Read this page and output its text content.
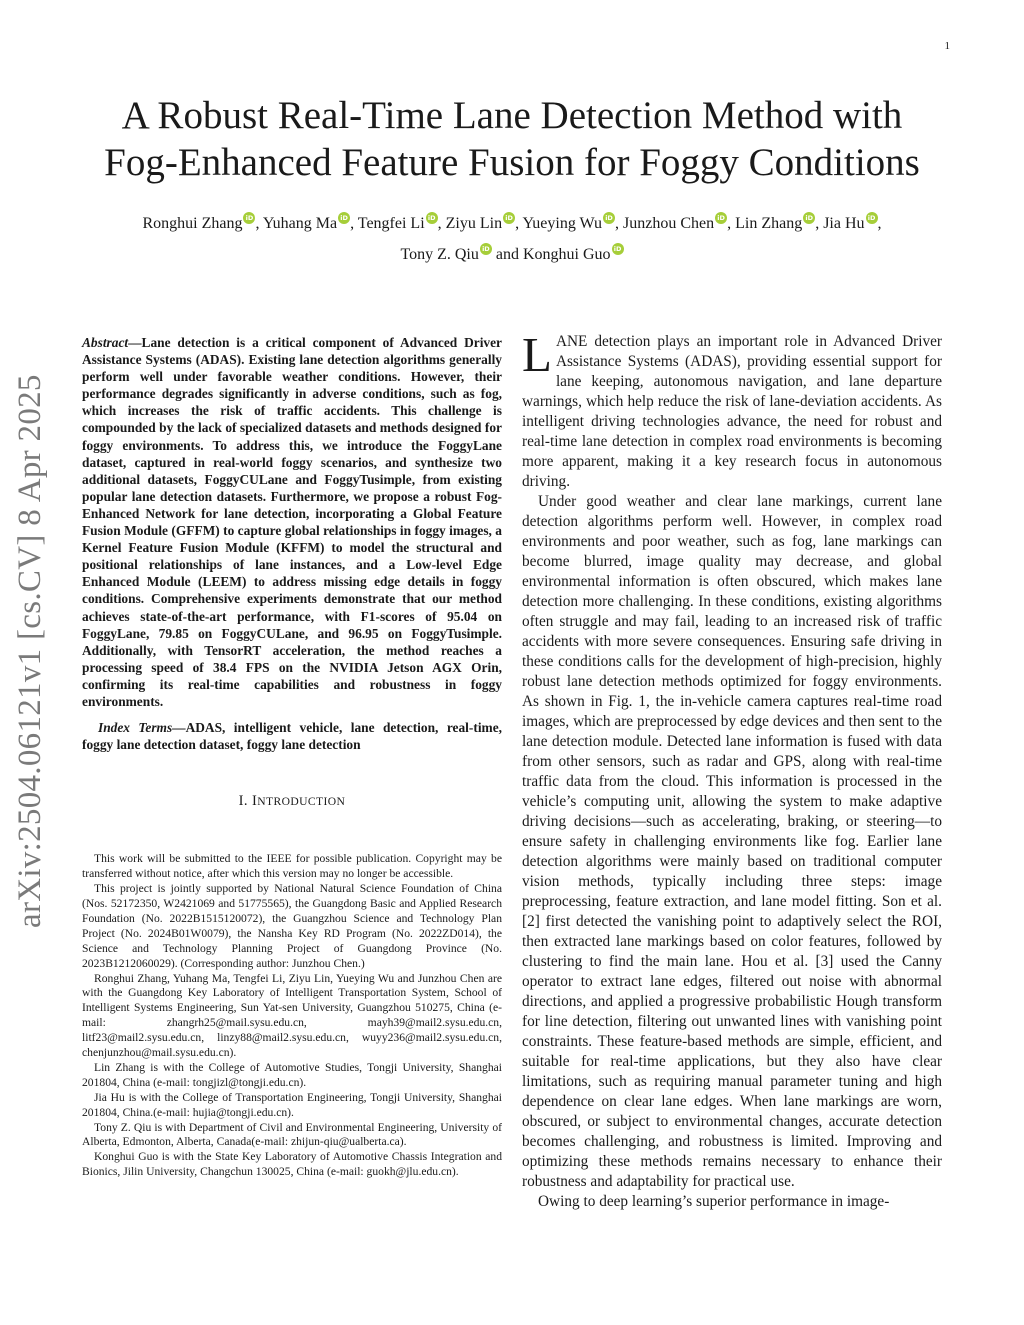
1
arXiv:2504.06121v1 [cs.CV] 8 Apr 2025
A Robust Real-Time Lane Detection Method with
Fog-Enhanced Feature Fusion for Foggy Conditions
Ronghui Zhang iD , Yuhang Ma iD , Tengfei Li iD , Ziyu Lin iD , Yueying Wu iD , Junzhou Chen iD , Lin Zhang iD , Jia Hu iD ,
Tony Z. Qiu iD and Konghui Guo iD

Abstract—Lane detection is a critical component of Advanced Driver Assistance Systems (ADAS). Existing lane detection algorithms generally perform well under favorable weather conditions. However, their performance degrades significantly in adverse conditions, such as fog, which increases the risk of traffic accidents. This challenge is compounded by the lack of specialized datasets and methods designed for foggy environments. To address this, we introduce the FoggyLane dataset, captured in real-world foggy scenarios, and synthesize two additional datasets, FoggyCULane and FoggyTusimple, from existing popular lane detection datasets. Furthermore, we propose a robust Fog-Enhanced Network for lane detection, incorporating a Global Feature Fusion Module (GFFM) to capture global relationships in foggy images, a Kernel Feature Fusion Module (KFFM) to model the structural and positional relationships of lane instances, and a Low-level Edge Enhanced Module (LEEM) to address missing edge details in foggy conditions. Comprehensive experiments demonstrate that our method achieves state-of-the-art performance, with F1-scores of 95.04 on FoggyLane, 79.85 on FoggyCULane, and 96.95 on FoggyTusimple. Additionally, with TensorRT acceleration, the method reaches a processing speed of 38.4 FPS on the NVIDIA Jetson AGX Orin, confirming its real-time capabilities and robustness in foggy environments.

Index Terms—ADAS, intelligent vehicle, lane detection, real-time, foggy lane detection dataset, foggy lane detection

I. INTRODUCTION

This work will be submitted to the IEEE for possible publication. Copyright may be transferred without notice, after which this version may no longer be accessible.

This project is jointly supported by National Natural Science Foundation of China (Nos. 52172350, W2421069 and 51775565), the Guangdong Basic and Applied Research Foundation (No. 2022B1515120072), the Guangzhou Science and Technology Plan Project (No. 2024B01W0079), the Nansha Key RD Program (No. 2022ZD014), the Science and Technology Planning Project of Guangdong Province (No. 2023B1212060029). (Corresponding author: Junzhou Chen.)

Ronghui Zhang, Yuhang Ma, Tengfei Li, Ziyu Lin, Yueying Wu and Junzhou Chen are with the Guangdong Key Laboratory of Intelligent Transportation System, School of Intelligent Systems Engineering, Sun Yat-sen University, Guangzhou 510275, China (e-mail: zhangrh25@mail.sysu.edu.cn, mayh39@mail2.sysu.edu.cn, litf23@mail2.sysu.edu.cn, linzy88@mail2.sysu.edu.cn, wuyy236@mail2.sysu.edu.cn, chenjunzhou@mail.sysu.edu.cn).

Lin Zhang is with the College of Automotive Studies, Tongji University, Shanghai 201804, China (e-mail: tongjizl@tongji.edu.cn).

Jia Hu is with the College of Transportation Engineering, Tongji University, Shanghai 201804, China.(e-mail: hujia@tongji.edu.cn).

Tony Z. Qiu is with Department of Civil and Environmental Engineering, University of Alberta, Edmonton, Alberta, Canada(e-mail: zhijun-qiu@ualberta.ca).

Konghui Guo is with the State Key Laboratory of Automotive Chassis Integration and Bionics, Jilin University, Changchun 130025, China (e-mail: guokh@jlu.edu.cn).

LANE detection plays an important role in Advanced Driver Assistance Systems (ADAS), providing essential support for lane keeping, autonomous navigation, and lane departure warnings, which help reduce the risk of lane-deviation accidents. As intelligent driving technologies advance, the need for robust and real-time lane detection in complex road environments is becoming more apparent, making it a key research focus in autonomous driving.

Under good weather and clear lane markings, current lane detection algorithms perform well. However, in complex road environments and poor weather, such as fog, lane markings can become blurred, image quality may decrease, and global environmental information is often obscured, which makes lane detection more challenging. In these conditions, existing algorithms often struggle and may fail, leading to an increased risk of traffic accidents with more severe consequences. Ensuring safe driving in these conditions calls for the development of high-precision, highly robust lane detection methods optimized for foggy environments. As shown in Fig. 1, the in-vehicle camera captures real-time road images, which are preprocessed by edge devices and then sent to the lane detection module. Detected lane information is fused with data from other sensors, such as radar and GPS, along with real-time traffic data from the cloud. This information is processed in the vehicle’s computing unit, allowing the system to make adaptive driving decisions—such as accelerating, braking, or steering—to ensure safety in challenging environments like fog. Earlier lane detection algorithms were mainly based on traditional computer vision methods, typically including three steps: image preprocessing, feature extraction, and lane model fitting. Son et al. [2] first detected the vanishing point to adaptively select the ROI, then extracted lane markings based on color features, followed by clustering to find the main lane. Hou et al. [3] used the Canny operator to extract lane edges, filtered out noise with abnormal directions, and applied a progressive probabilistic Hough transform for line detection, filtering out unwanted lines with vanishing point constraints. These feature-based methods are simple, efficient, and suitable for real-time applications, but they also have clear limitations, such as requiring manual parameter tuning and high dependence on clear lane edges. When lane markings are worn, obscured, or subject to environmental changes, accurate detection becomes challenging, and robustness is limited. Improving and optimizing these methods remains necessary to enhance their robustness and adaptability for practical use.

Owing to deep learning’s superior performance in image-
